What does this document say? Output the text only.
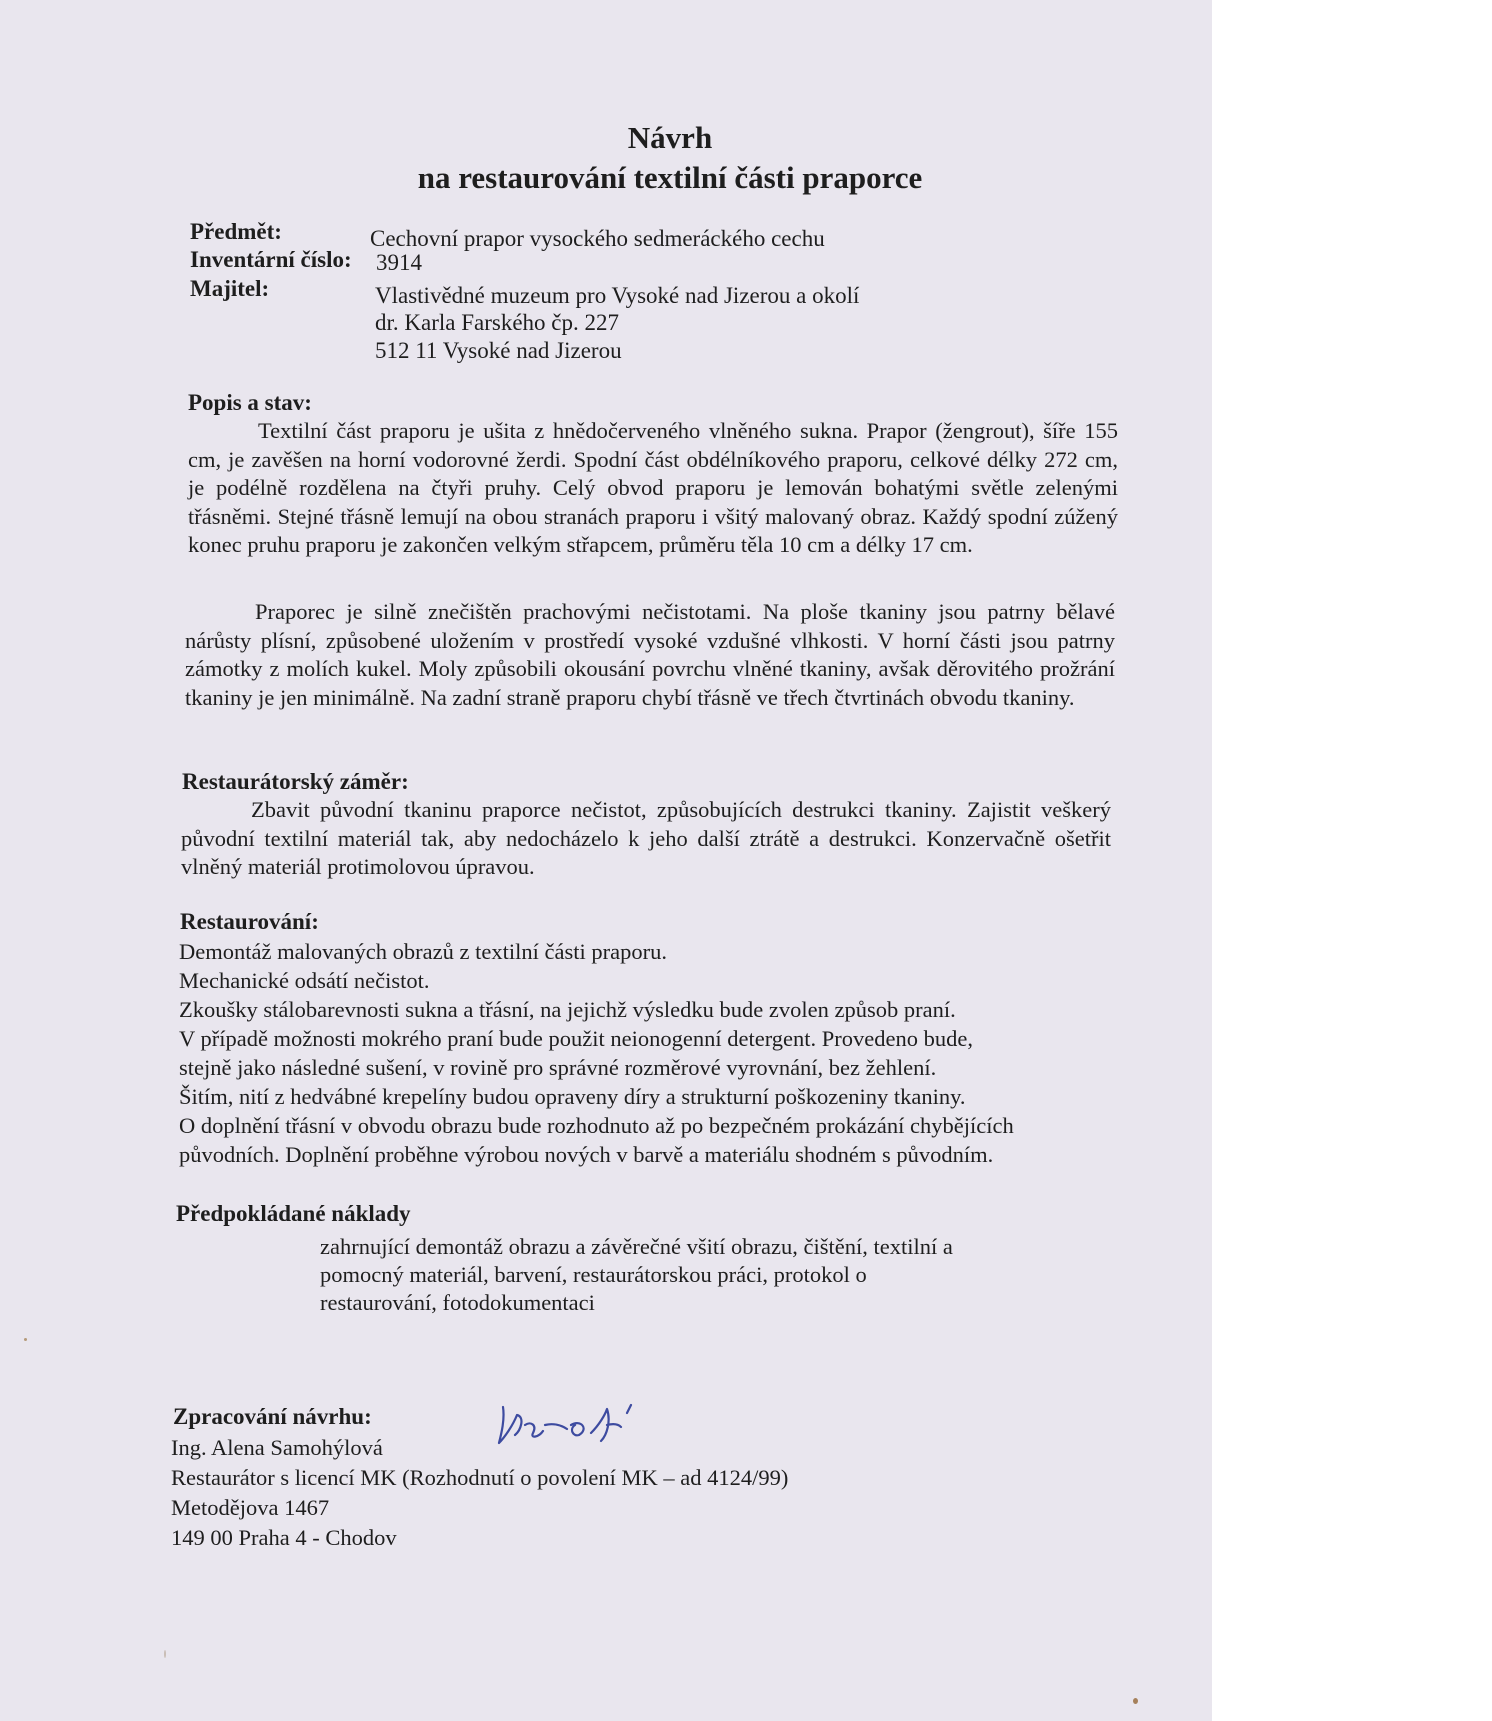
Návrh
na restaurování textilní části praporce
Předmět:	Cechovní prapor vysockého sedmeráckého cechu
Inventární číslo: 3914
Majitel:	Vlastivědné muzeum pro Vysoké nad Jizerou a okolí
dr. Karla Farského čp. 227
512 11 Vysoké nad Jizerou
Popis a stav:
Textilní část praporu je ušita z hnědočerveného vlněného sukna. Prapor (žengrout), šíře 155 cm, je zavěšen na horní vodorovné žerdi. Spodní část obdélníkového praporu, celkové délky 272 cm, je podélně rozdělena na čtyři pruhy. Celý obvod praporu je lemován bohatými světle zelenými třásněmi. Stejné třásně lemují na obou stranách praporu i všitý malovaný obraz. Každý spodní zúžený konec pruhu praporu je zakončen velkým střapcem, průměru těla 10 cm a délky 17 cm.
Praporec je silně znečištěn prachovými nečistotami. Na ploše tkaniny jsou patrny bělavé nárůsty plísní, způsobené uložením v prostředí vysoké vzdušné vlhkosti. V horní části jsou patrny zámotky z molích kukel. Moly způsobili okousání povrchu vlněné tkaniny, avšak děrovitého prožrání tkaniny je jen minimálně. Na zadní straně praporu chybí třásně ve třech čtvrtinách obvodu tkaniny.
Restaurátorský záměr:
Zbavit původní tkaninu praporce nečistot, způsobujících destrukci tkaniny. Zajistit veškerý původní textilní materiál tak, aby nedocházelo k jeho další ztrátě a destrukci. Konzervačně ošetřit vlněný materiál protimolovou úpravou.
Restaurování:
Demontáž malovaných obrazů z textilní části praporu.
Mechanické odsátí nečistot.
Zkoušky stálobarevnosti sukna a třásní, na jejichž výsledku bude zvolen způsob praní.
V případě možnosti mokrého praní bude použit neionogenní detergent. Provedeno bude,
stejně jako následné sušení, v rovině pro správné rozměrové vyrovnání, bez žehlení.
Šitím, nití z hedvábné krepelíny budou opraveny díry a strukturní poškozeniny tkaniny.
O doplnění třásní v obvodu obrazu bude rozhodnuto až po bezpečném prokázání chybějících
původních. Doplnění proběhne výrobou nových v barvě a materiálu shodném s původním.
Předpokládané náklady
zahrnující demontáž obrazu a závěrečné všití obrazu, čištění, textilní a
pomocný materiál, barvení, restaurátorskou práci, protokol o
restaurování, fotodokumentaci
Zpracování návrhu:
Ing. Alena Samohýlová
Restaurátor s licencí MK (Rozhodnutí o povolení MK – ad 4124/99)
Metodějova 1467
149 00 Praha 4 - Chodov
